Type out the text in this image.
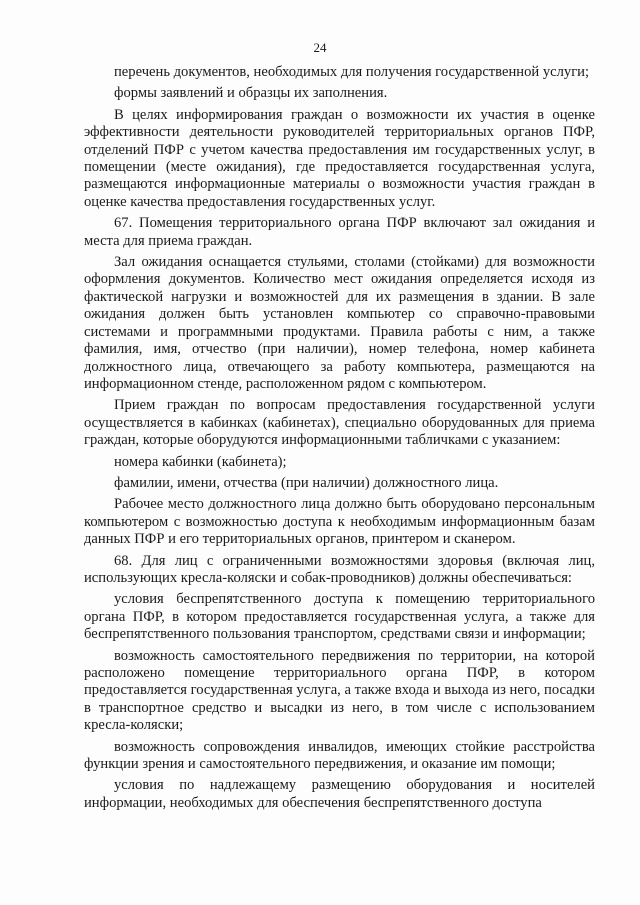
24

перечень документов, необходимых для получения государственной услуги;

формы заявлений и образцы их заполнения.

В целях информирования граждан о возможности их участия в оценке эффективности деятельности руководителей территориальных органов ПФР, отделений ПФР с учетом качества предоставления им государственных услуг, в помещении (месте ожидания), где предоставляется государственная услуга, размещаются информационные материалы о возможности участия граждан в оценке качества предоставления государственных услуг.

67. Помещения территориального органа ПФР включают зал ожидания и места для приема граждан.

Зал ожидания оснащается стульями, столами (стойками) для возможности оформления документов. Количество мест ожидания определяется исходя из фактической нагрузки и возможностей для их размещения в здании. В зале ожидания должен быть установлен компьютер со справочно-правовыми системами и программными продуктами. Правила работы с ним, а также фамилия, имя, отчество (при наличии), номер телефона, номер кабинета должностного лица, отвечающего за работу компьютера, размещаются на информационном стенде, расположенном рядом с компьютером.

Прием граждан по вопросам предоставления государственной услуги осуществляется в кабинках (кабинетах), специально оборудованных для приема граждан, которые оборудуются информационными табличками с указанием:

номера кабинки (кабинета);

фамилии, имени, отчества (при наличии) должностного лица.

Рабочее место должностного лица должно быть оборудовано персональным компьютером с возможностью доступа к необходимым информационным базам данных ПФР и его территориальных органов, принтером и сканером.

68. Для лиц с ограниченными возможностями здоровья (включая лиц, использующих кресла-коляски и собак-проводников) должны обеспечиваться:

условия беспрепятственного доступа к помещению территориального органа ПФР, в котором предоставляется государственная услуга, а также для беспрепятственного пользования транспортом, средствами связи и информации;

возможность самостоятельного передвижения по территории, на которой расположено помещение территориального органа ПФР, в котором предоставляется государственная услуга, а также входа и выхода из него, посадки в транспортное средство и высадки из него, в том числе с использованием кресла-коляски;

возможность сопровождения инвалидов, имеющих стойкие расстройства функции зрения и самостоятельного передвижения, и оказание им помощи;

условия по надлежащему размещению оборудования и носителей информации, необходимых для обеспечения беспрепятственного доступа
